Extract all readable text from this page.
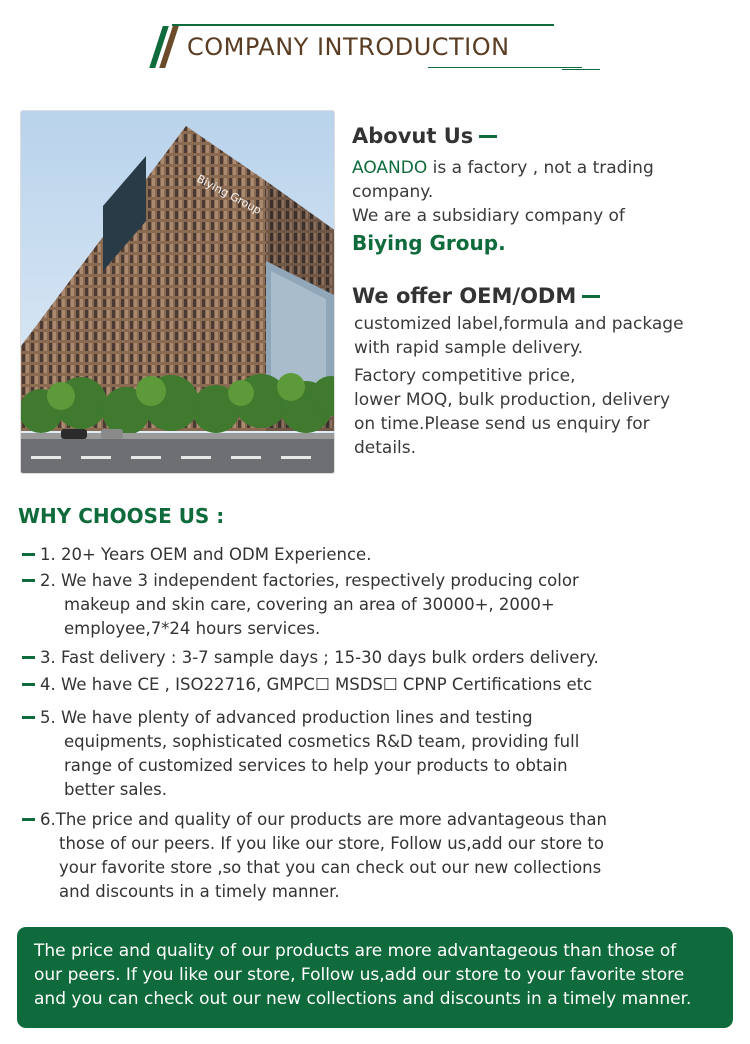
COMPANY INTRODUCTION
Biying Group
Abovut Us

AOANDO is a factory , not a trading

company.

We are a subsidiary company of

Biying Group.

We offer OEM/ODM

customized label,formula and package

with rapid sample delivery.

Factory competitive price,

lower MOQ, bulk production, delivery

on time.Please send us enquiry for

details.

WHY CHOOSE US :
1. 20+ Years OEM and ODM Experience.
2. We have 3 independent factories, respectively producing color
makeup and skin care, covering an area of 30000+, 2000+
employee,7*24 hours services.
3. Fast delivery : 3-7 sample days ; 15-30 days bulk orders delivery.
4. We have CE , ISO22716, GMPC☐ MSDS☐ CPNP Certifications etc
5. We have plenty of advanced production lines and testing
equipments, sophisticated cosmetics R&D team, providing full
range of customized services to help your products to obtain
better sales.
6.The price and quality of our products are more advantageous than
those of our peers. If you like our store, Follow us,add our store to
your favorite store ,so that you can check out our new collections
and discounts in a timely manner.

The price and quality of our products are more advantageous than those of

our peers. If you like our store, Follow us,add our store to your favorite store

and you can check out our new collections and discounts in a timely manner.
